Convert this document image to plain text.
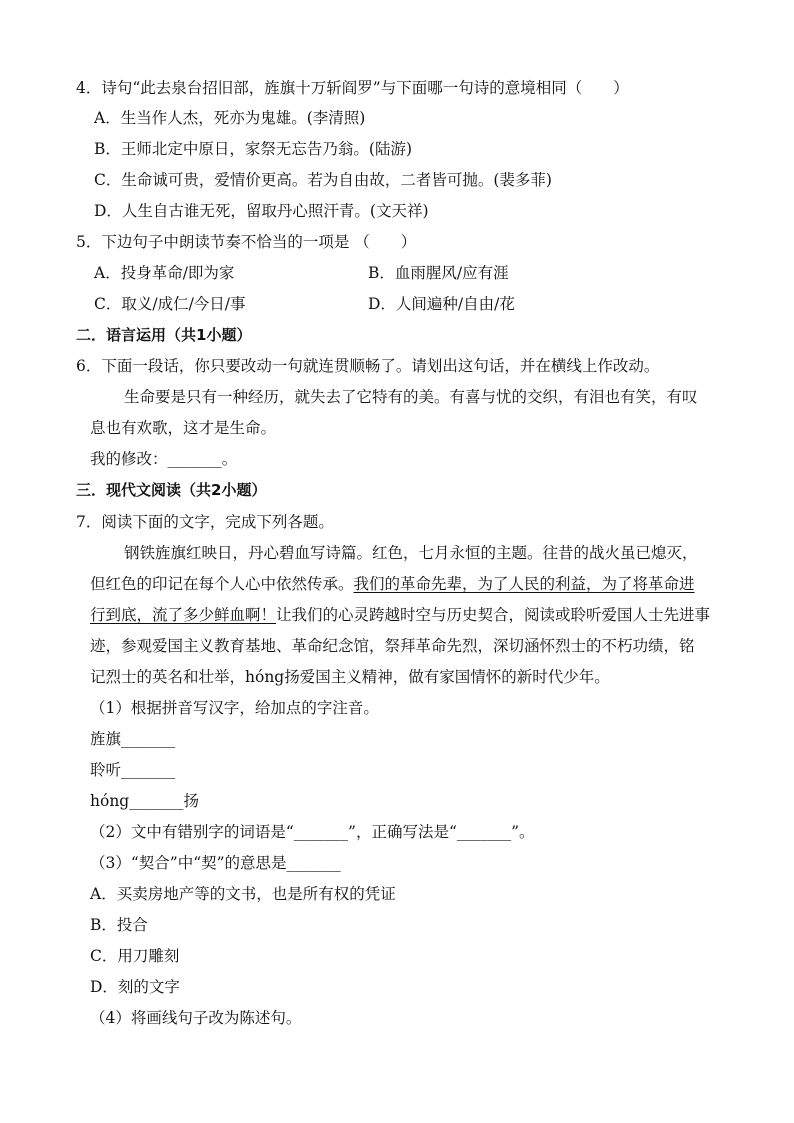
4．诗句“此去泉台招旧部，旌旗十万斩阎罗”与下面哪一句诗的意境相同（　　）
A．生当作人杰，死亦为鬼雄。(李清照)
B．王师北定中原日，家祭无忘告乃翁。(陆游)
C．生命诚可贵，爱情价更高。若为自由故，二者皆可抛。(裴多菲)
D．人生自古谁无死，留取丹心照汗青。(文天祥)
5．下边句子中朗读节奏不恰当的一项是 （　　）
A．投身革命/即为家	B．血雨腥风/应有涯
C．取义/成仁/今日/事	D．人间遍种/自由/花
二．语言运用（共1小题）
6．下面一段话，你只要改动一句就连贯顺畅了。请划出这句话，并在横线上作改动。
生命要是只有一种经历，就失去了它特有的美。有喜与忧的交织，有泪也有笑，有叹
息也有欢歌，这才是生命。
我的修改：_______。
三．现代文阅读（共2小题）
7．阅读下面的文字，完成下列各题。
钢铁旌旗红映日，丹心碧血写诗篇。红色，七月永恒的主题。往昔的战火虽已熄灭，
但红色的印记在每个人心中依然传承。我们的革命先辈，为了人民的利益，为了将革命进
行到底，流了多少鲜血啊！让我们的心灵跨越时空与历史契合，阅读或聆听爱国人士先进事
迹，参观爱国主义教育基地、革命纪念馆，祭拜革命先烈，深切涵怀烈士的不朽功绩，铭
记烈士的英名和壮举，hóng扬爱国主义精神，做有家国情怀的新时代少年。
（1）根据拼音写汉字，给加点的字注音。
旌旗_______
聆听_______
hóng_______扬
（2）文中有错别字的词语是“_______”，正确写法是“_______”。
（3）“契合”中“契”的意思是_______
A．买卖房地产等的文书，也是所有权的凭证
B．投合
C．用刀雕刻
D．刻的文字
（4）将画线句子改为陈述句。
